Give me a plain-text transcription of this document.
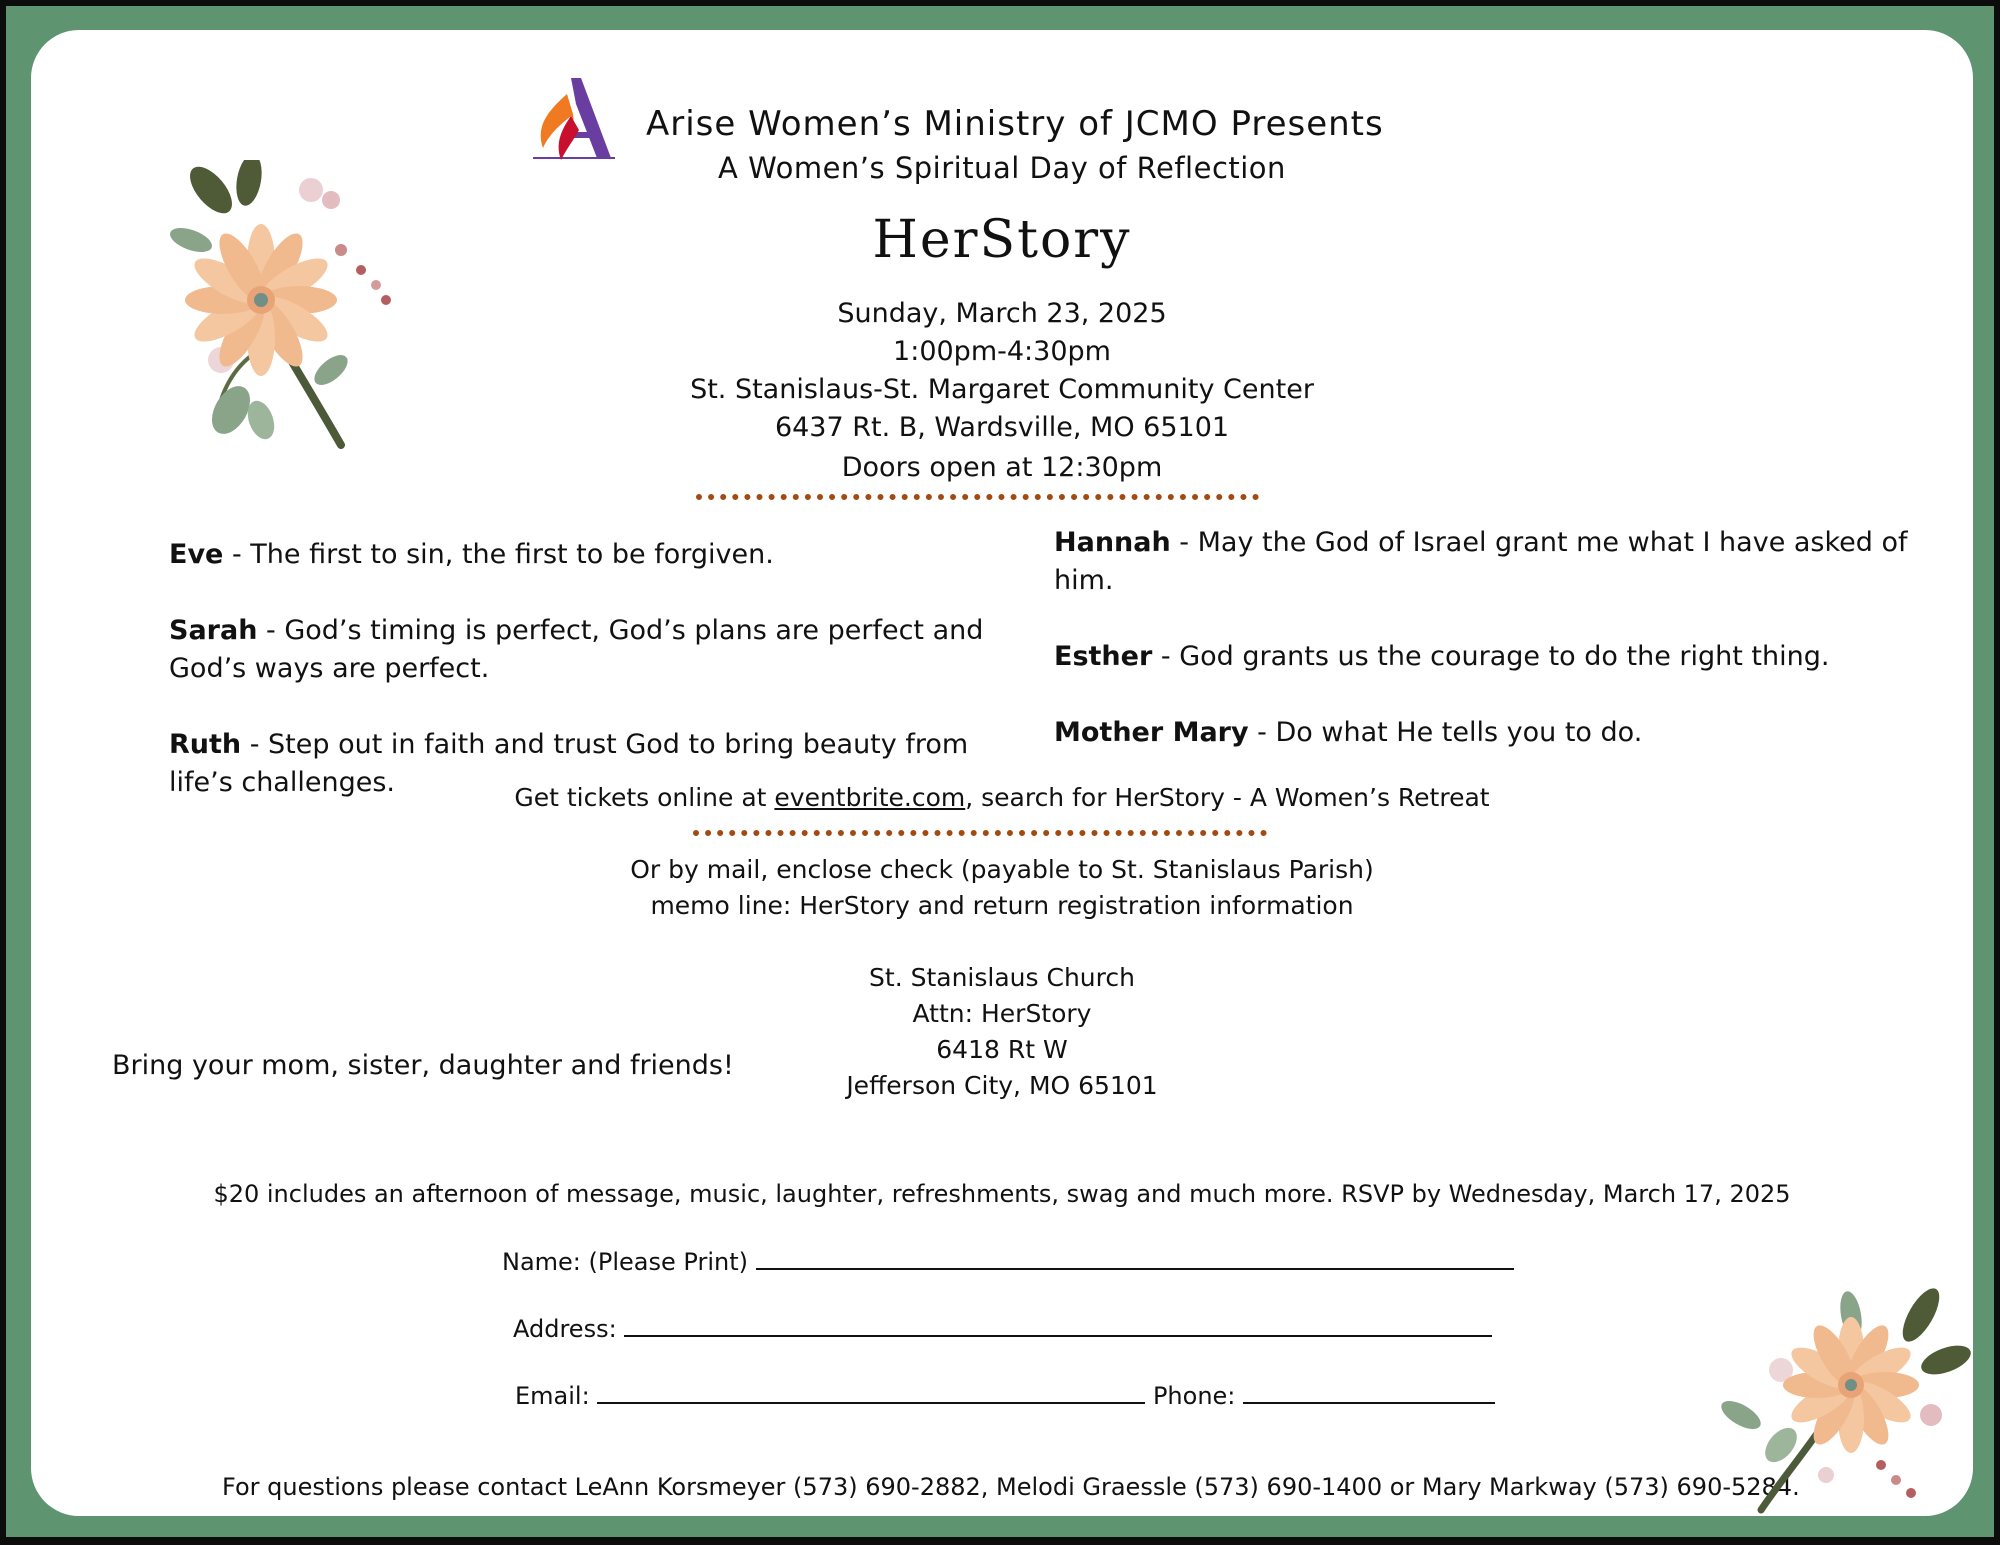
Arise Women’s Ministry of JCMO Presents
A Women’s Spiritual Day of Reflection
HerStory
Sunday, March 23, 2025
1:00pm-4:30pm
St. Stanislaus-St. Margaret Community Center
6437 Rt. B, Wardsville, MO 65101
Doors open at 12:30pm

Eve - The first to sin, the first to be forgiven.

Sarah - God’s timing is perfect, God’s plans are perfect and God’s ways are perfect.

Ruth - Step out in faith and trust God to bring beauty from life’s challenges.

Hannah - May the God of Israel grant me what I have asked of him.

Esther - God grants us the courage to do the right thing.

Mother Mary - Do what He tells you to do.

Get tickets online at eventbrite.com, search for HerStory - A Women’s Retreat
Or by mail, enclose check (payable to St. Stanislaus Parish)
memo line: HerStory and return registration information
St. Stanislaus Church
Attn: HerStory
6418 Rt W
Jefferson City, MO 65101
Bring your mom, sister, daughter and friends!
$20 includes an afternoon of message, music, laughter, refreshments, swag and much more. RSVP by Wednesday, March 17, 2025
Name: (Please Print)
Address:
Email:	Phone:
For questions please contact LeAnn Korsmeyer (573) 690-2882, Melodi Graessle (573) 690-1400 or Mary Markway (573) 690-5284.
